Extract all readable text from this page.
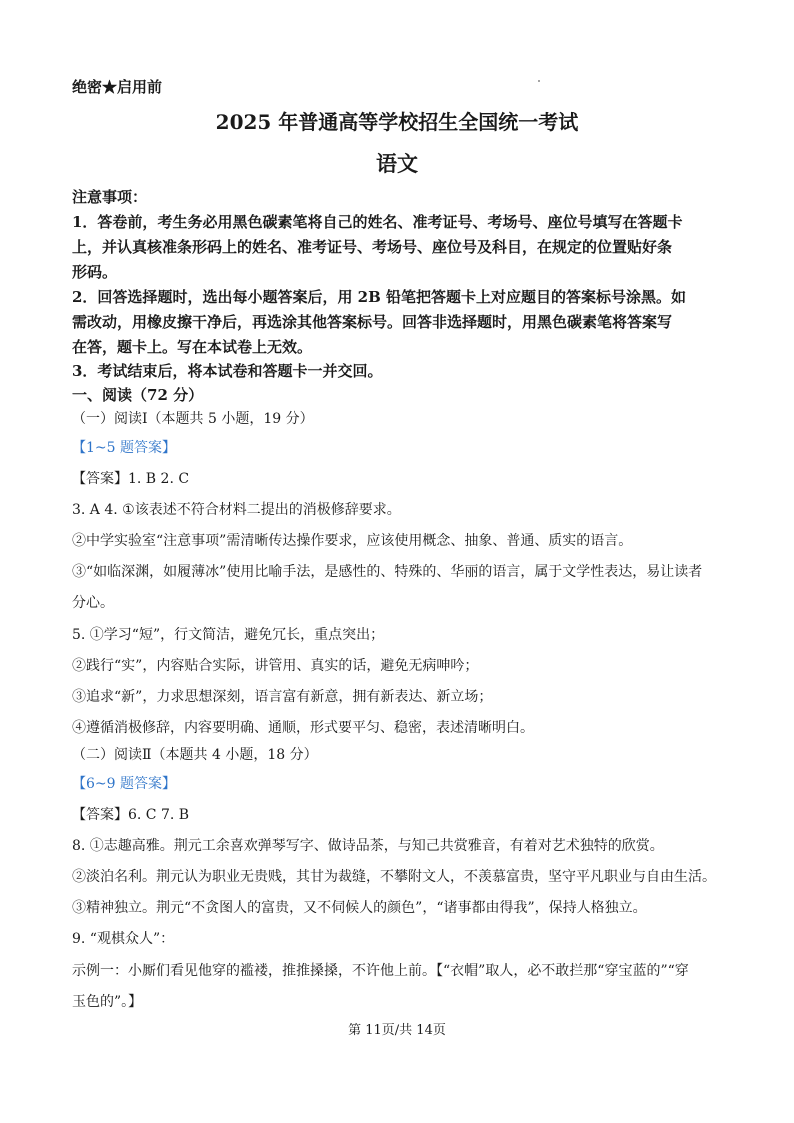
绝密★启用前
2025 年普通高等学校招生全国统一考试
语文
注意事项：
1．答卷前，考生务必用黑色碳素笔将自己的姓名、准考证号、考场号、座位号填写在答题卡
上，并认真核准条形码上的姓名、准考证号、考场号、座位号及科目，在规定的位置贴好条
形码。
2．回答选择题时，选出每小题答案后，用 2B 铅笔把答题卡上对应题目的答案标号涂黑。如
需改动，用橡皮擦干净后，再选涂其他答案标号。回答非选择题时，用黑色碳素笔将答案写
在答，题卡上。写在本试卷上无效。
3．考试结束后，将本试卷和答题卡一并交回。
一、阅读（72 分）
（一）阅读Ⅰ（本题共 5 小题，19 分）
【1~5 题答案】
【答案】1. B 2. C
3. A 4. ①该表述不符合材料二提出的消极修辞要求。
②中学实验室“注意事项”需清晰传达操作要求，应该使用概念、抽象、普通、质实的语言。
③“如临深渊，如履薄冰”使用比喻手法，是感性的、特殊的、华丽的语言，属于文学性表达，易让读者
分心。
5. ①学习“短”，行文简洁，避免冗长，重点突出；
②践行“实”，内容贴合实际，讲管用、真实的话，避免无病呻吟；
③追求“新”，力求思想深刻，语言富有新意，拥有新表达、新立场；
④遵循消极修辞，内容要明确、通顺，形式要平匀、稳密，表述清晰明白。
（二）阅读Ⅱ（本题共 4 小题，18 分）
【6~9 题答案】
【答案】6. C 7. B
8. ①志趣高雅。荆元工余喜欢弹琴写字、做诗品茶，与知己共赏雅音，有着对艺术独特的欣赏。
②淡泊名利。荆元认为职业无贵贱，其甘为裁缝，不攀附文人，不羡慕富贵，坚守平凡职业与自由生活。
③精神独立。荆元“不贪图人的富贵，又不伺候人的颜色”，“诸事都由得我”，保持人格独立。
9. “观棋众人”：
示例一：小厮们看见他穿的褴褛，推推搡搡，不许他上前。【“衣帽”取人，必不敢拦那“穿宝蓝的”“穿
玉色的”。】
第 11页/共 14页
